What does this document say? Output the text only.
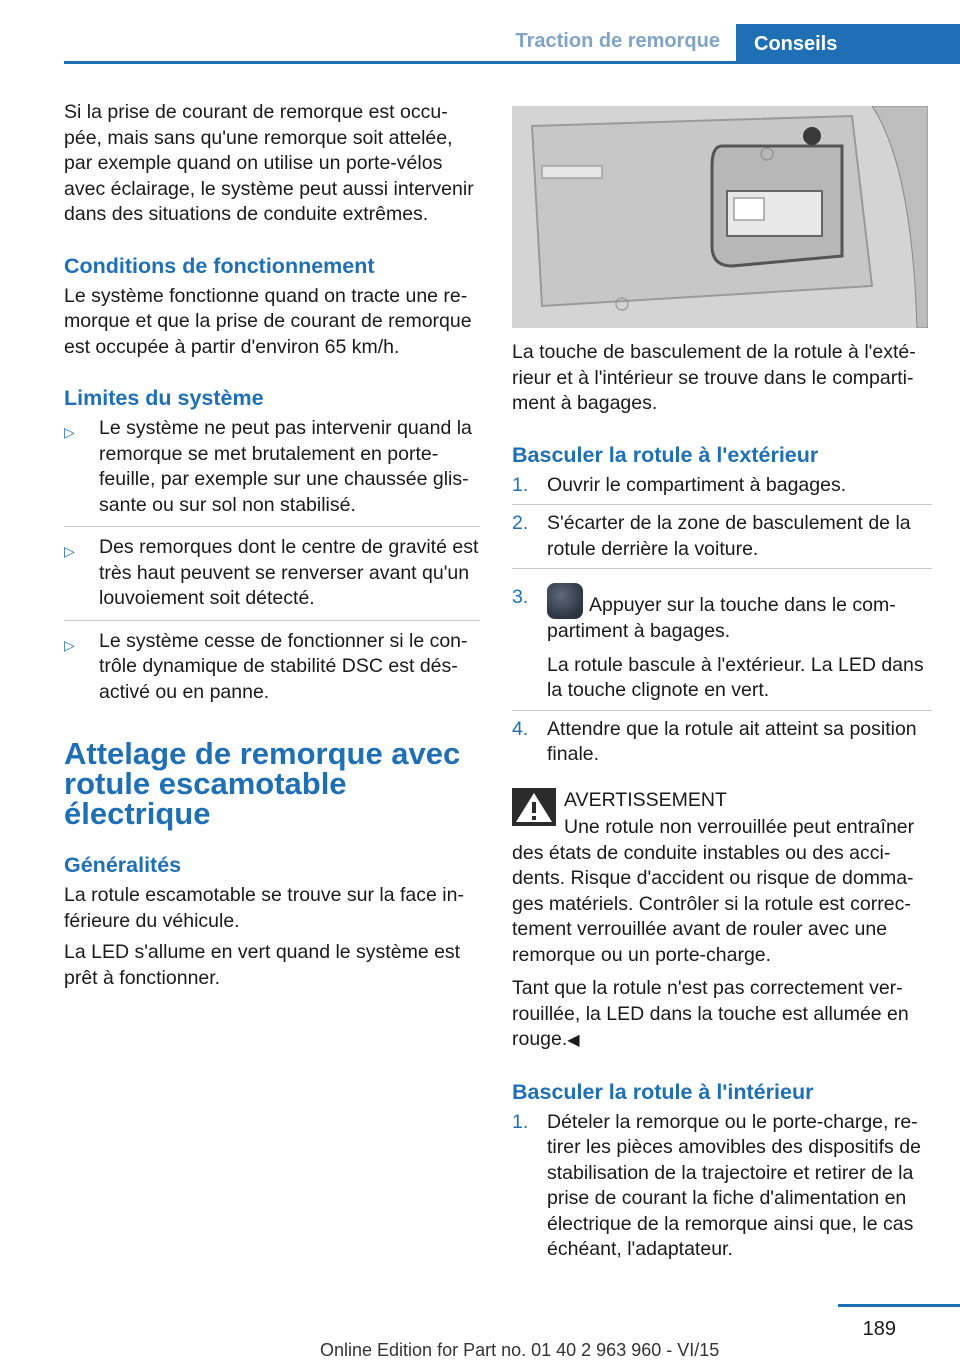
Traction de remorque	Conseils

Si la prise de courant de remorque est occu-pée, mais sans qu'une remorque soit attelée, par exemple quand on utilise un porte-vélos avec éclairage, le système peut aussi intervenir dans des situations de conduite extrêmes.

Conditions de fonctionnement

Le système fonctionne quand on tracte une re-morque et que la prise de courant de remorque est occupée à partir d'environ 65 km/h.

Limites du système
▷ Le système ne peut pas intervenir quand la remorque se met brutalement en porte-feuille, par exemple sur une chaussée glis-sante ou sur sol non stabilisé.
▷ Des remorques dont le centre de gravité est très haut peuvent se renverser avant qu'un louvoiement soit détecté.
▷ Le système cesse de fonctionner si le con-trôle dynamique de stabilité DSC est dés-activé ou en panne.
Attelage de remorque avec rotule escamotable électrique
Généralités

La rotule escamotable se trouve sur la face in-férieure du véhicule.

La LED s'allume en vert quand le système est prêt à fonctionner.

La touche de basculement de la rotule à l'exté-rieur et à l'intérieur se trouve dans le comparti-ment à bagages.

Basculer la rotule à l'extérieur
1. Ouvrir le compartiment à bagages.
2. S'écarter de la zone de basculement de la rotule derrière la voiture.
3.	Appuyer sur la touche dans le com-partiment à bagages.
La rotule bascule à l'extérieur. La LED dans la touche clignote en vert.
4. Attendre que la rotule ait atteint sa position finale.
AVERTISSEMENT
Une rotule non verrouillée peut entraîner des états de conduite instables ou des acci-dents. Risque d'accident ou risque de domma-ges matériels. Contrôler si la rotule est correc-tement verrouillée avant de rouler avec une remorque ou un porte-charge.

Tant que la rotule n'est pas correctement ver-rouillée, la LED dans la touche est allumée en rouge.◀

Basculer la rotule à l'intérieur
1. Dételer la remorque ou le porte-charge, re-tirer les pièces amovibles des dispositifs de stabilisation de la trajectoire et retirer de la prise de courant la fiche d'alimentation en électrique de la remorque ainsi que, le cas échéant, l'adaptateur.
189
Online Edition for Part no. 01 40 2 963 960 - VI/15
